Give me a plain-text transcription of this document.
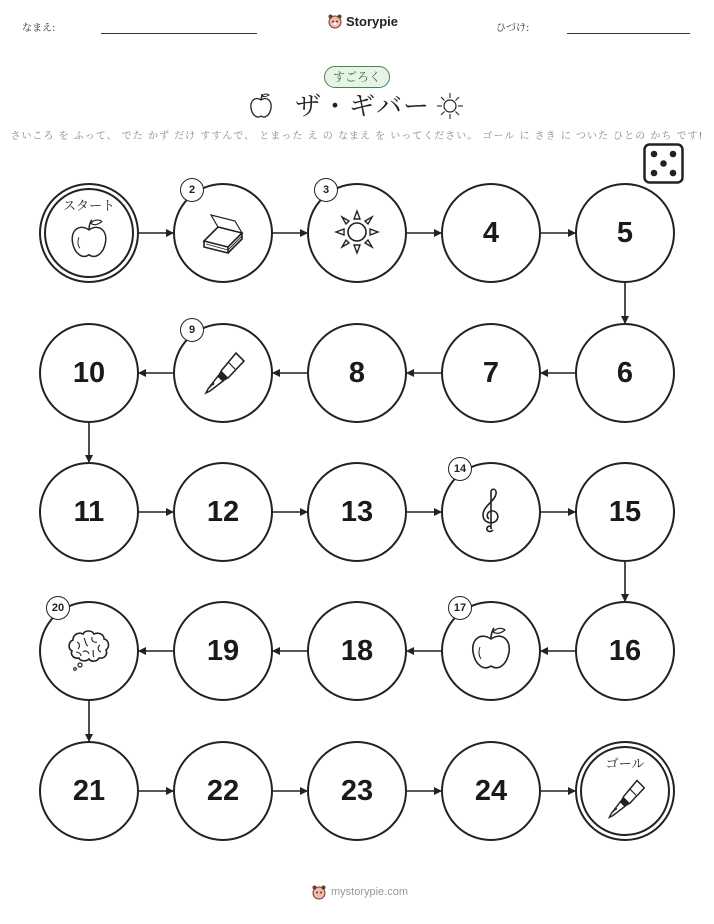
なまえ:	Storypie	ひづけ:
すごろく
ザ・ギバー
さいころ を ふって、 でた かず だけ すすんで、 とまった え の なまえ を いってください。 ゴール に さき に ついた ひとの かち です!
スタート
2	3
4	5
6
7
8
9
10
11	12	13
14
15
16
17
18
19
20
21	22	23	24
ゴール
mystorypie.com
